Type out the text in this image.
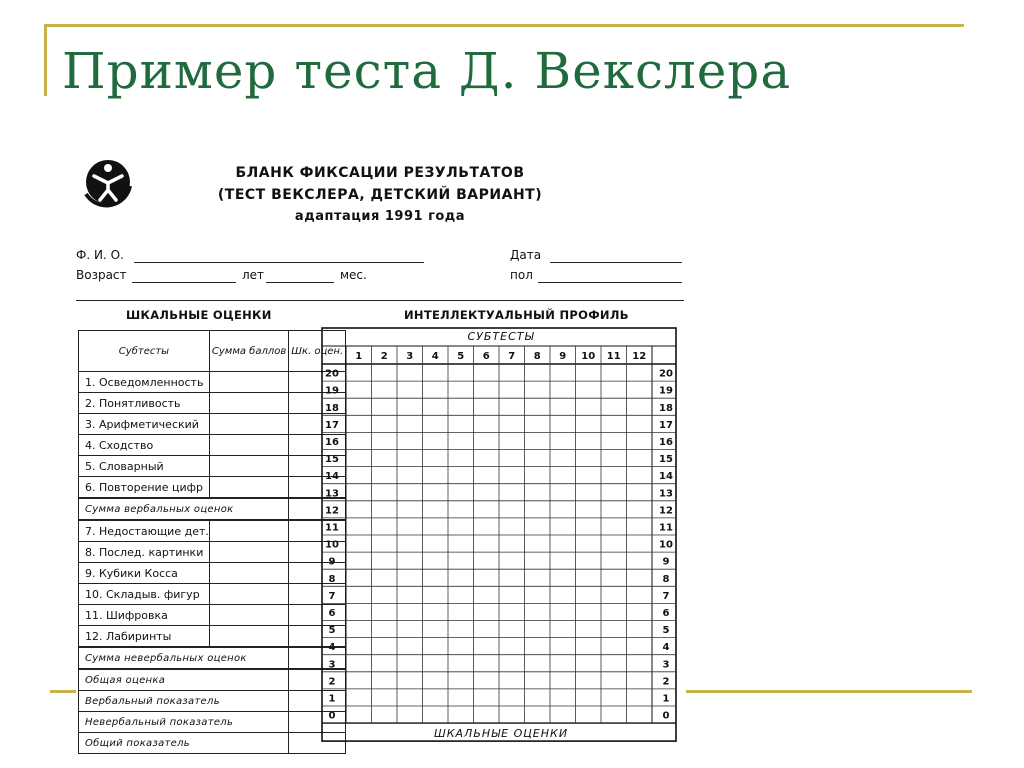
Пример теста Д. Векслера
БЛАНК ФИКСАЦИИ РЕЗУЛЬТАТОВ
(ТЕСТ ВЕКСЛЕРА, ДЕТСКИЙ ВАРИАНТ)
адаптация 1991 года
Ф. И. О.	Дата
Возраст	лет	мес.	пол
ШКАЛЬНЫЕ ОЦЕНКИ	ИНТЕЛЛЕКТУАЛЬНЫЙ ПРОФИЛЬ
Субтесты	Сумма баллов	Шк. оцен.
1. Осведомленность		
2. Понятливость		
3. Арифметический		
4. Сходство		
5. Словарный		
6. Повторение цифр		
Сумма вербальных оценок		
7. Недостающие дет.		
8. Послед. картинки		
9. Кубики Косса		
10. Складыв. фигур		
11. Шифровка		
12. Лабиринты		
Сумма невербальных оценок		
Общая оценка		
Вербальный показатель		
Невербальный показатель		
Общий показатель		
1 2 3 4 5 6 7 8 9 10 11 12
20	20
19	19
18	18
17	17
16	16
15	15
14	14
13	13
12	12
11	11
10	10
9	9
8	8
7	7
6	6
5	5
4	4
3	3
2	2
1	1
0	0
СУБТЕСТЫ
ШКАЛЬНЫЕ ОЦЕНКИ
